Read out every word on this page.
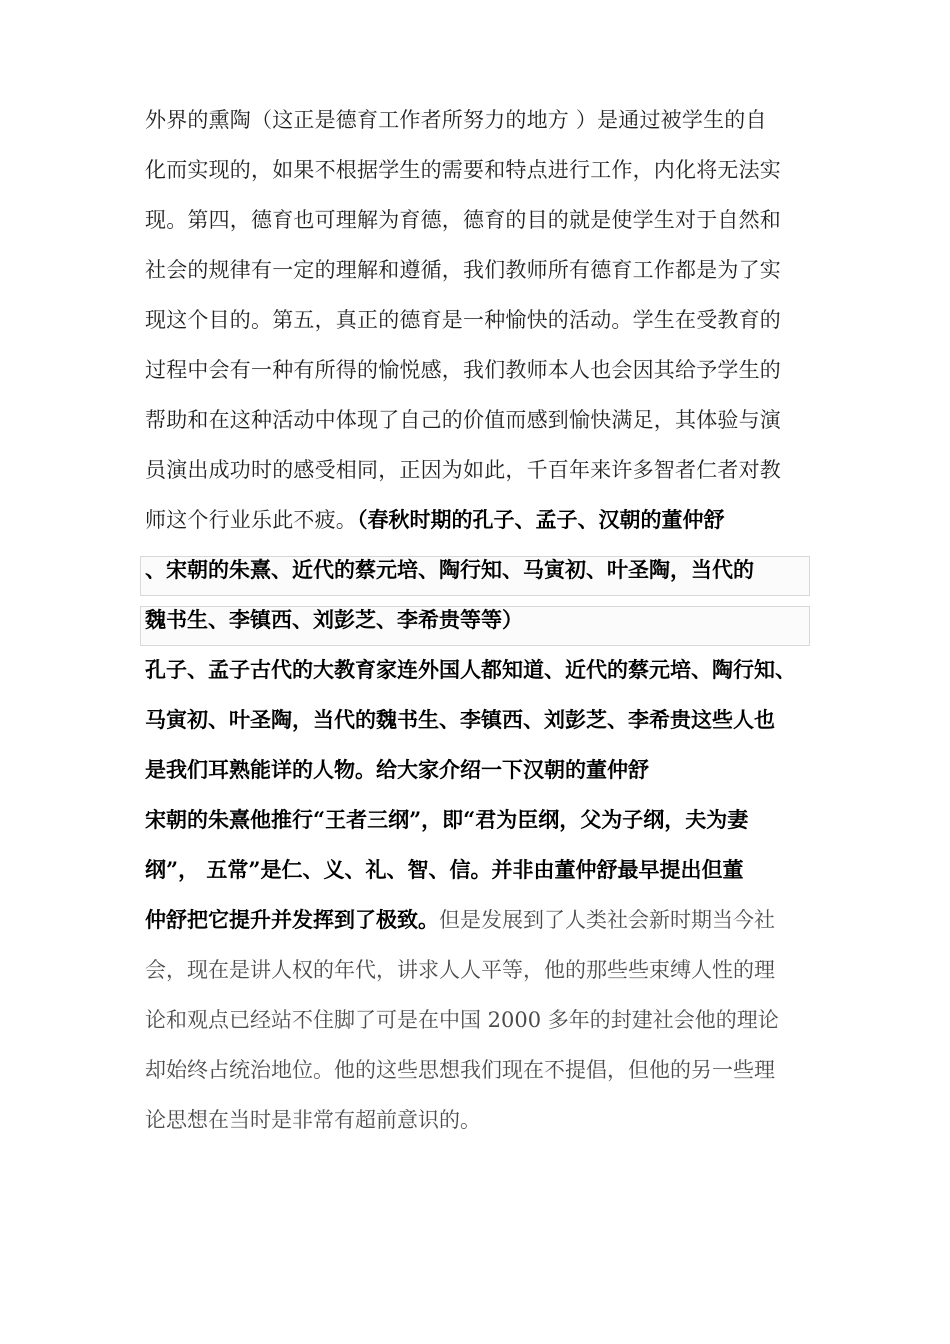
外界的熏陶（这正是德育工作者所努力的地方 ）是通过被学生的自
化而实现的，如果不根据学生的需要和特点进行工作，内化将无法实
现。第四，德育也可理解为育德，德育的目的就是使学生对于自然和
社会的规律有一定的理解和遵循，我们教师所有德育工作都是为了实
现这个目的。第五，真正的德育是一种愉快的活动。学生在受教育的
过程中会有一种有所得的愉悦感，我们教师本人也会因其给予学生的
帮助和在这种活动中体现了自己的价值而感到愉快满足，其体验与演
员演出成功时的感受相同，正因为如此，千百年来许多智者仁者对教
师这个行业乐此不疲。（春秋时期的孔子、孟子、汉朝的董仲舒
、宋朝的朱熹、近代的蔡元培、陶行知、马寅初、叶圣陶，当代的
魏书生、李镇西、刘彭芝、李希贵等等）
孔子、孟子古代的大教育家连外国人都知道、近代的蔡元培、陶行知、
马寅初、叶圣陶，当代的魏书生、李镇西、刘彭芝、李希贵这些人也
是我们耳熟能详的人物。给大家介绍一下汉朝的董仲舒
宋朝的朱熹他推行“王者三纲”，即“君为臣纲，父为子纲，夫为妻
纲”， 五常”是仁、义、礼、智、信。并非由董仲舒最早提出但董
仲舒把它提升并发挥到了极致。但是发展到了人类社会新时期当今社
会，现在是讲人权的年代，讲求人人平等，他的那些些束缚人性的理
论和观点已经站不住脚了可是在中国 2000 多年的封建社会他的理论
却始终占统治地位。他的这些思想我们现在不提倡，但他的另一些理
论思想在当时是非常有超前意识的。
